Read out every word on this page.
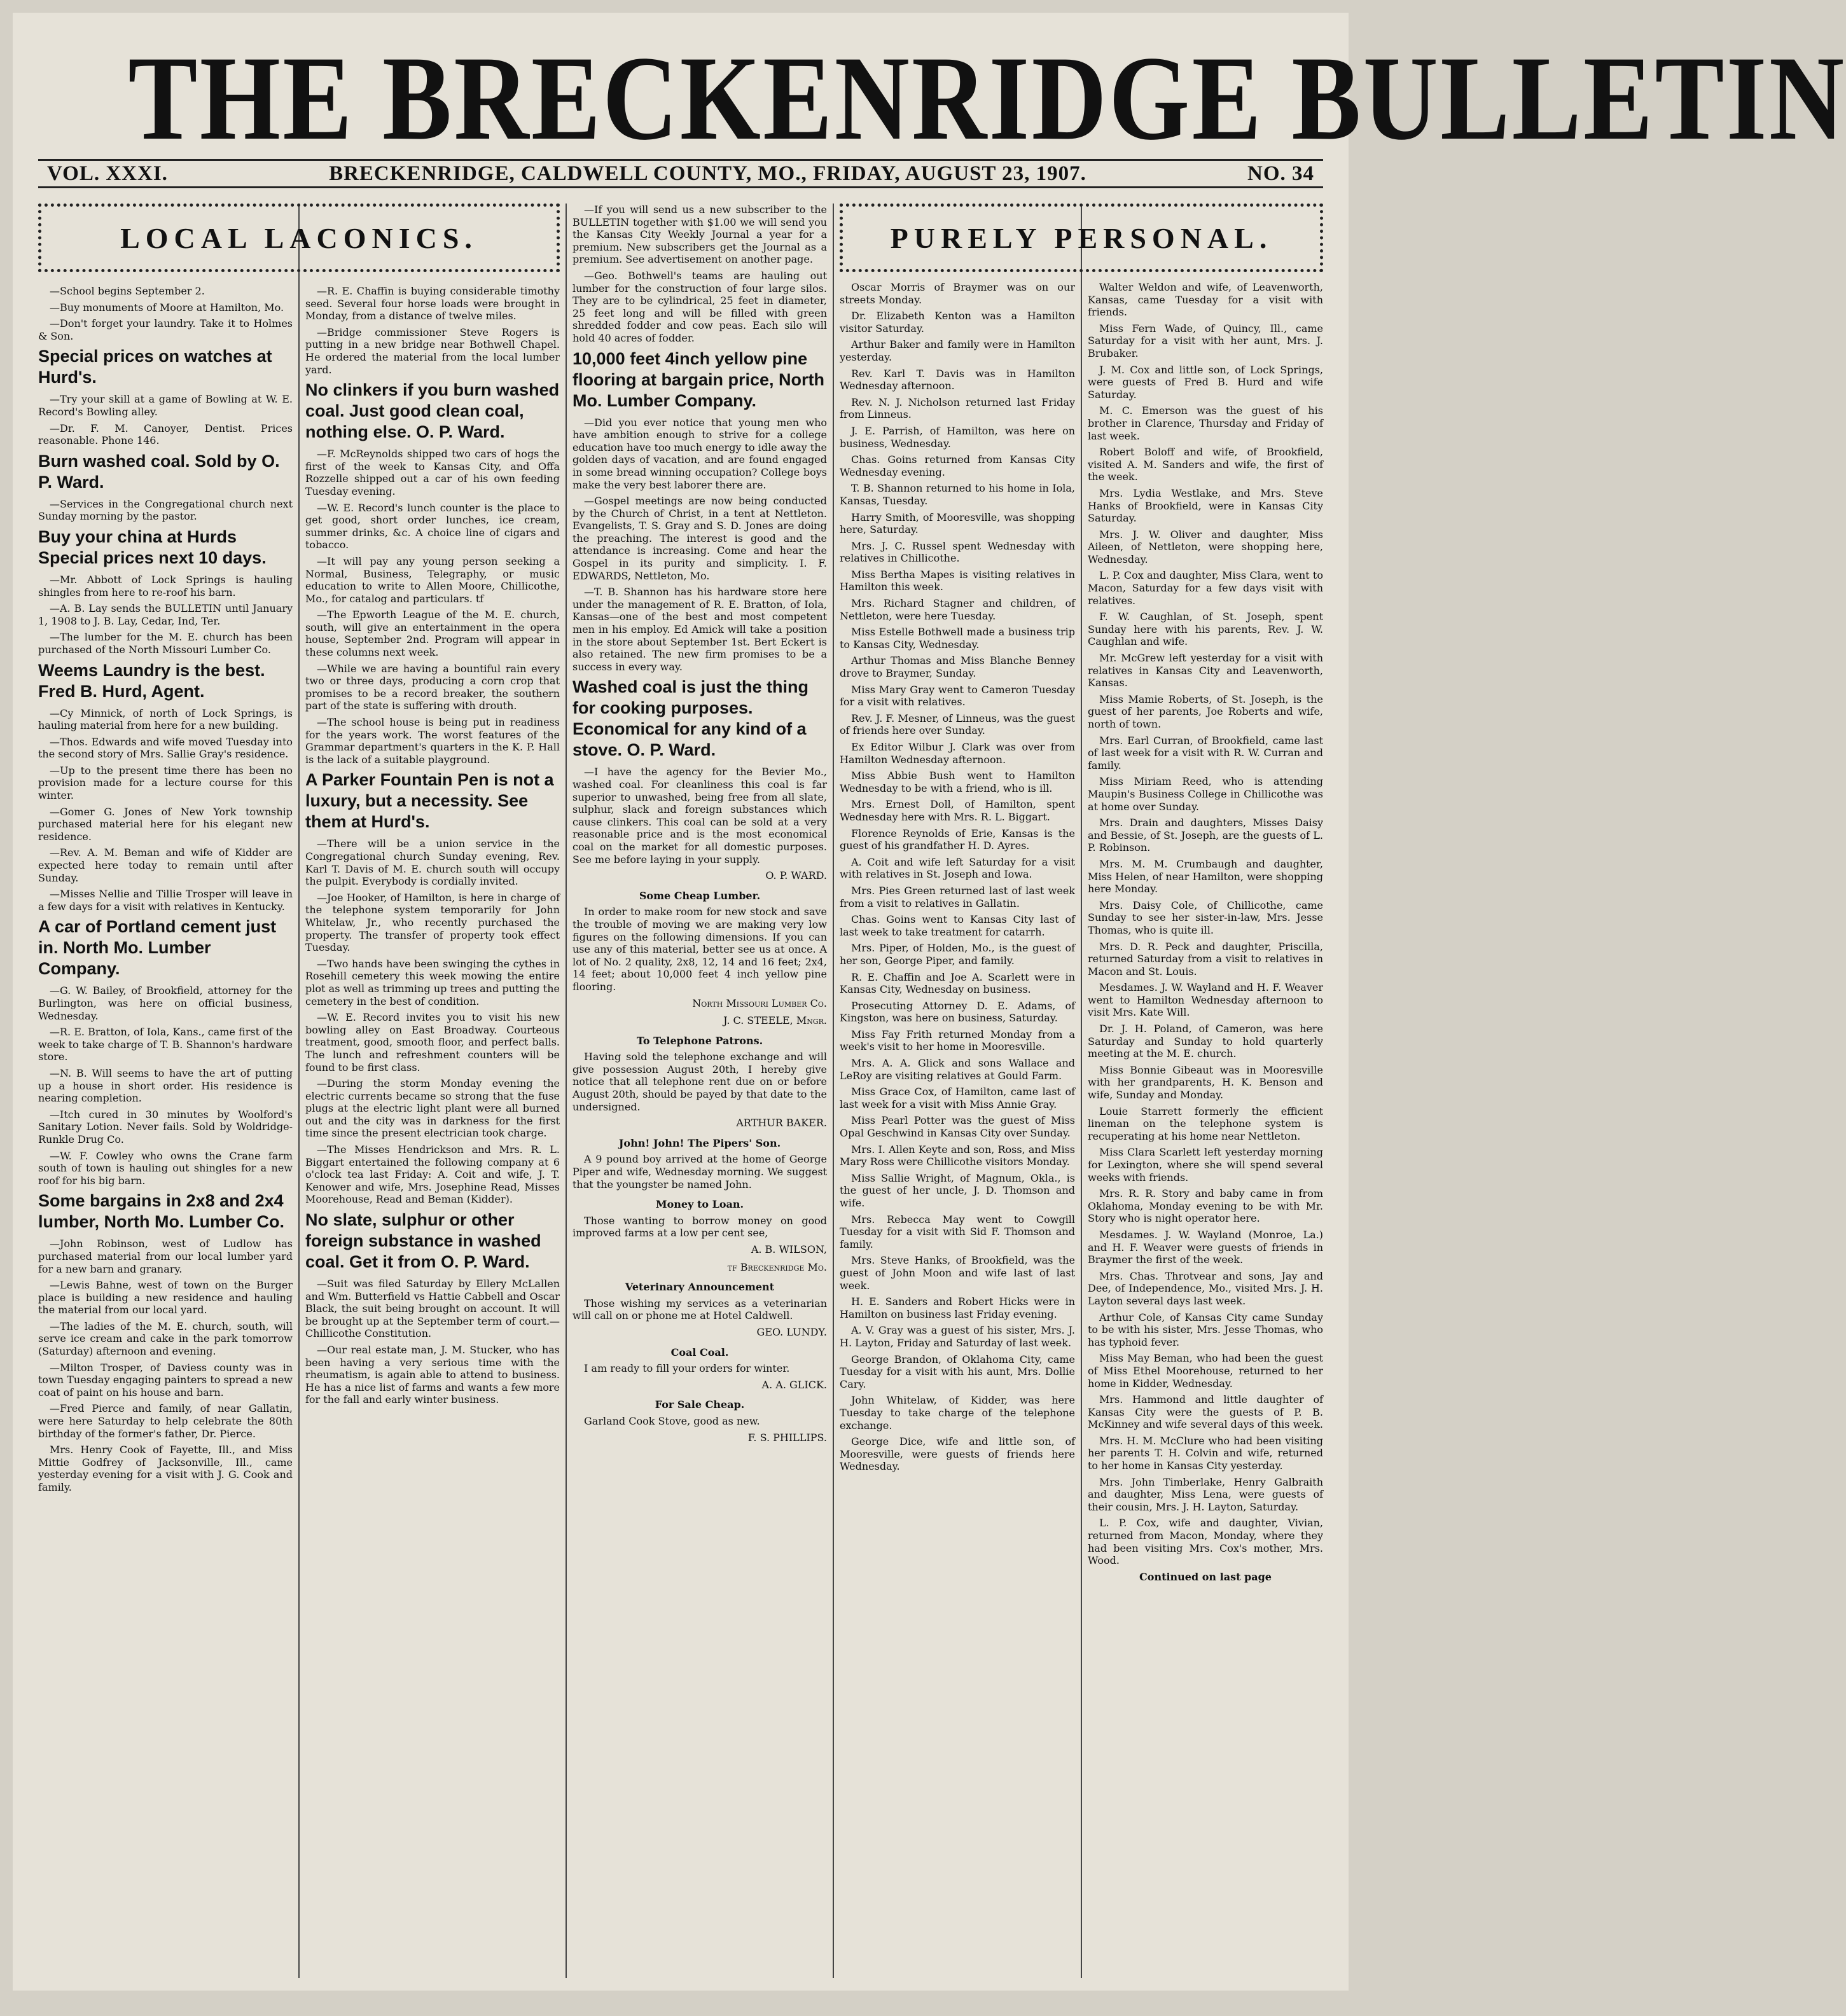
THE BRECKENRIDGE BULLETIN
VOL. XXXI.	BRECKENRIDGE, CALDWELL COUNTY, MO., FRIDAY, AUGUST 23, 1907.	NO. 34

—School begins September 2.

—Buy monuments of Moore at Hamilton, Mo.

—Don't forget your laundry. Take it to Holmes & Son.

Special prices on watches at Hurd's.

—Try your skill at a game of Bowling at W. E. Record's Bowling alley.

—Dr. F. M. Canoyer, Dentist. Prices reasonable. Phone 146.

Burn washed coal. Sold by O. P. Ward.

—Services in the Congregational church next Sunday morning by the pastor.

Buy your china at Hurds Special prices next 10 days.

—Mr. Abbott of Lock Springs is hauling shingles from here to re-roof his barn.

—A. B. Lay sends the BULLETIN until January 1, 1908 to J. B. Lay, Cedar, Ind, Ter.

—The lumber for the M. E. church has been purchased of the North Missouri Lumber Co.

Weems Laundry is the best. Fred B. Hurd, Agent.

—Cy Minnick, of north of Lock Springs, is hauling material from here for a new building.

—Thos. Edwards and wife moved Tuesday into the second story of Mrs. Sallie Gray's residence.

—Up to the present time there has been no provision made for a lecture course for this winter.

—Gomer G. Jones of New York township purchased material here for his elegant new residence.

—Rev. A. M. Beman and wife of Kidder are expected here today to remain until after Sunday.

—Misses Nellie and Tillie Trosper will leave in a few days for a visit with relatives in Kentucky.

A car of Portland cement just in. North Mo. Lumber Company.

—G. W. Bailey, of Brookfield, attorney for the Burlington, was here on official business, Wednesday.

—R. E. Bratton, of Iola, Kans., came first of the week to take charge of T. B. Shannon's hardware store.

—N. B. Will seems to have the art of putting up a house in short order. His residence is nearing completion.

—Itch cured in 30 minutes by Woolford's Sanitary Lotion. Never fails. Sold by Woldridge-Runkle Drug Co.

—W. F. Cowley who owns the Crane farm south of town is hauling out shingles for a new roof for his big barn.

Some bargains in 2x8 and 2x4 lumber, North Mo. Lumber Co.

—John Robinson, west of Ludlow has purchased material from our local lumber yard for a new barn and granary.

—Lewis Bahne, west of town on the Burger place is building a new residence and hauling the material from our local yard.

—The ladies of the M. E. church, south, will serve ice cream and cake in the park tomorrow (Saturday) afternoon and evening.

—Milton Trosper, of Daviess county was in town Tuesday engaging painters to spread a new coat of paint on his house and barn.

—Fred Pierce and family, of near Gallatin, were here Saturday to help celebrate the 80th birthday of the former's father, Dr. Pierce.

Mrs. Henry Cook of Fayette, Ill., and Miss Mittie Godfrey of Jacksonville, Ill., came yesterday evening for a visit with J. G. Cook and family.

—R. E. Chaffin is buying considerable timothy seed. Several four horse loads were brought in Monday, from a distance of twelve miles.

—Bridge commissioner Steve Rogers is putting in a new bridge near Bothwell Chapel. He ordered the material from the local lumber yard.

No clinkers if you burn washed coal. Just good clean coal, nothing else. O. P. Ward.

—F. McReynolds shipped two cars of hogs the first of the week to Kansas City, and Offa Rozzelle shipped out a car of his own feeding Tuesday evening.

—W. E. Record's lunch counter is the place to get good, short order lunches, ice cream, summer drinks, &c. A choice line of cigars and tobacco.

—It will pay any young person seeking a Normal, Business, Telegraphy, or music education to write to Allen Moore, Chillicothe, Mo., for catalog and particulars. tf

—The Epworth League of the M. E. church, south, will give an entertainment in the opera house, September 2nd. Program will appear in these columns next week.

—While we are having a bountiful rain every two or three days, producing a corn crop that promises to be a record breaker, the southern part of the state is suffering with drouth.

—The school house is being put in readiness for the years work. The worst features of the Grammar department's quarters in the K. P. Hall is the lack of a suitable playground.

A Parker Fountain Pen is not a luxury, but a necessity. See them at Hurd's.

—There will be a union service in the Congregational church Sunday evening, Rev. Karl T. Davis of M. E. church south will occupy the pulpit. Everybody is cordially invited.

—Joe Hooker, of Hamilton, is here in charge of the telephone system temporarily for John Whitelaw, Jr., who recently purchased the property. The transfer of property took effect Tuesday.

—Two hands have been swinging the cythes in Rosehill cemetery this week mowing the entire plot as well as trimming up trees and putting the cemetery in the best of condition.

—W. E. Record invites you to visit his new bowling alley on East Broadway. Courteous treatment, good, smooth floor, and perfect balls. The lunch and refreshment counters will be found to be first class.

—During the storm Monday evening the electric currents became so strong that the fuse plugs at the electric light plant were all burned out and the city was in darkness for the first time since the present electrician took charge.

—The Misses Hendrickson and Mrs. R. L. Biggart entertained the following company at 6 o'clock tea last Friday: A. Coit and wife, J. T. Kenower and wife, Mrs. Josephine Read, Misses Moorehouse, Read and Beman (Kidder).

No slate, sulphur or other foreign substance in washed coal. Get it from O. P. Ward.

—Suit was filed Saturday by Ellery McLallen and Wm. Butterfield vs Hattie Cabbell and Oscar Black, the suit being brought on account. It will be brought up at the September term of court.—Chillicothe Constitution.

—Our real estate man, J. M. Stucker, who has been having a very serious time with the rheumatism, is again able to attend to business. He has a nice list of farms and wants a few more for the fall and early winter business.

—If you will send us a new subscriber to the BULLETIN together with $1.00 we will send you the Kansas City Weekly Journal a year for a premium. New subscribers get the Journal as a premium. See advertisement on another page.

—Geo. Bothwell's teams are hauling out lumber for the construction of four large silos. They are to be cylindrical, 25 feet in diameter, 25 feet long and will be filled with green shredded fodder and cow peas. Each silo will hold 40 acres of fodder.

10,000 feet 4inch yellow pine flooring at bargain price, North Mo. Lumber Company.

—Did you ever notice that young men who have ambition enough to strive for a college education have too much energy to idle away the golden days of vacation, and are found engaged in some bread winning occupation? College boys make the very best laborer there are.

—Gospel meetings are now being conducted by the Church of Christ, in a tent at Nettleton. Evangelists, T. S. Gray and S. D. Jones are doing the preaching. The interest is good and the attendance is increasing. Come and hear the Gospel in its purity and simplicity. I. F. EDWARDS, Nettleton, Mo.

—T. B. Shannon has his hardware store here under the management of R. E. Bratton, of Iola, Kansas—one of the best and most competent men in his employ. Ed Amick will take a position in the store about September 1st. Bert Eckert is also retained. The new firm promises to be a success in every way.

Washed coal is just the thing for cooking purposes. Economical for any kind of a stove. O. P. Ward.

—I have the agency for the Bevier Mo., washed coal. For cleanliness this coal is far superior to unwashed, being free from all slate, sulphur, slack and foreign substances which cause clinkers. This coal can be sold at a very reasonable price and is the most economical coal on the market for all domestic purposes. See me before laying in your supply.

O. P. WARD.

Some Cheap Lumber.

In order to make room for new stock and save the trouble of moving we are making very low figures on the following dimensions. If you can use any of this material, better see us at once. A lot of No. 2 quality, 2x8, 12, 14 and 16 feet; 2x4, 14 feet; about 10,000 feet 4 inch yellow pine flooring.

North Missouri Lumber Co.

J. C. STEELE, Mngr.

To Telephone Patrons.

Having sold the telephone exchange and will give possession August 20th, I hereby give notice that all telephone rent due on or before August 20th, should be payed by that date to the undersigned.

ARTHUR BAKER.

John! John! The Pipers' Son.

A 9 pound boy arrived at the home of George Piper and wife, Wednesday morning. We suggest that the youngster be named John.

Money to Loan.

Those wanting to borrow money on good improved farms at a low per cent see,

A. B. WILSON,

tf Breckenridge Mo.

Veterinary Announcement

Those wishing my services as a veterinarian will call on or phone me at Hotel Caldwell.

GEO. LUNDY.

Coal Coal.

I am ready to fill your orders for winter.

A. A. GLICK.

For Sale Cheap.

Garland Cook Stove, good as new.

F. S. PHILLIPS.

Oscar Morris of Braymer was on our streets Monday.

Dr. Elizabeth Kenton was a Hamilton visitor Saturday.

Arthur Baker and family were in Hamilton yesterday.

Rev. Karl T. Davis was in Hamilton Wednesday afternoon.

Rev. N. J. Nicholson returned last Friday from Linneus.

J. E. Parrish, of Hamilton, was here on business, Wednesday.

Chas. Goins returned from Kansas City Wednesday evening.

T. B. Shannon returned to his home in Iola, Kansas, Tuesday.

Harry Smith, of Mooresville, was shopping here, Saturday.

Mrs. J. C. Russel spent Wednesday with relatives in Chillicothe.

Miss Bertha Mapes is visiting relatives in Hamilton this week.

Mrs. Richard Stagner and children, of Nettleton, were here Tuesday.

Miss Estelle Bothwell made a business trip to Kansas City, Wednesday.

Arthur Thomas and Miss Blanche Benney drove to Braymer, Sunday.

Miss Mary Gray went to Cameron Tuesday for a visit with relatives.

Rev. J. F. Mesner, of Linneus, was the guest of friends here over Sunday.

Ex Editor Wilbur J. Clark was over from Hamilton Wednesday afternoon.

Miss Abbie Bush went to Hamilton Wednesday to be with a friend, who is ill.

Mrs. Ernest Doll, of Hamilton, spent Wednesday here with Mrs. R. L. Biggart.

Florence Reynolds of Erie, Kansas is the guest of his grandfather H. D. Ayres.

A. Coit and wife left Saturday for a visit with relatives in St. Joseph and Iowa.

Mrs. Pies Green returned last of last week from a visit to relatives in Gallatin.

Chas. Goins went to Kansas City last of last week to take treatment for catarrh.

Mrs. Piper, of Holden, Mo., is the guest of her son, George Piper, and family.

R. E. Chaffin and Joe A. Scarlett were in Kansas City, Wednesday on business.

Prosecuting Attorney D. E. Adams, of Kingston, was here on business, Saturday.

Miss Fay Frith returned Monday from a week's visit to her home in Mooresville.

Mrs. A. A. Glick and sons Wallace and LeRoy are visiting relatives at Gould Farm.

Miss Grace Cox, of Hamilton, came last of last week for a visit with Miss Annie Gray.

Miss Pearl Potter was the guest of Miss Opal Geschwind in Kansas City over Sunday.

Mrs. I. Allen Keyte and son, Ross, and Miss Mary Ross were Chillicothe visitors Monday.

Miss Sallie Wright, of Magnum, Okla., is the guest of her uncle, J. D. Thomson and wife.

Mrs. Rebecca May went to Cowgill Tuesday for a visit with Sid F. Thomson and family.

Mrs. Steve Hanks, of Brookfield, was the guest of John Moon and wife last of last week.

H. E. Sanders and Robert Hicks were in Hamilton on business last Friday evening.

A. V. Gray was a guest of his sister, Mrs. J. H. Layton, Friday and Saturday of last week.

George Brandon, of Oklahoma City, came Tuesday for a visit with his aunt, Mrs. Dollie Cary.

John Whitelaw, of Kidder, was here Tuesday to take charge of the telephone exchange.

George Dice, wife and little son, of Mooresville, were guests of friends here Wednesday.

Walter Weldon and wife, of Leavenworth, Kansas, came Tuesday for a visit with friends.

Miss Fern Wade, of Quincy, Ill., came Saturday for a visit with her aunt, Mrs. J. Brubaker.

J. M. Cox and little son, of Lock Springs, were guests of Fred B. Hurd and wife Saturday.

M. C. Emerson was the guest of his brother in Clarence, Thursday and Friday of last week.

Robert Boloff and wife, of Brookfield, visited A. M. Sanders and wife, the first of the week.

Mrs. Lydia Westlake, and Mrs. Steve Hanks of Brookfield, were in Kansas City Saturday.

Mrs. J. W. Oliver and daughter, Miss Aileen, of Nettleton, were shopping here, Wednesday.

L. P. Cox and daughter, Miss Clara, went to Macon, Saturday for a few days visit with relatives.

F. W. Caughlan, of St. Joseph, spent Sunday here with his parents, Rev. J. W. Caughlan and wife.

Mr. McGrew left yesterday for a visit with relatives in Kansas City and Leavenworth, Kansas.

Miss Mamie Roberts, of St. Joseph, is the guest of her parents, Joe Roberts and wife, north of town.

Mrs. Earl Curran, of Brookfield, came last of last week for a visit with R. W. Curran and family.

Miss Miriam Reed, who is attending Maupin's Business College in Chillicothe was at home over Sunday.

Mrs. Drain and daughters, Misses Daisy and Bessie, of St. Joseph, are the guests of L. P. Robinson.

Mrs. M. M. Crumbaugh and daughter, Miss Helen, of near Hamilton, were shopping here Monday.

Mrs. Daisy Cole, of Chillicothe, came Sunday to see her sister-in-law, Mrs. Jesse Thomas, who is quite ill.

Mrs. D. R. Peck and daughter, Priscilla, returned Saturday from a visit to relatives in Macon and St. Louis.

Mesdames. J. W. Wayland and H. F. Weaver went to Hamilton Wednesday afternoon to visit Mrs. Kate Will.

Dr. J. H. Poland, of Cameron, was here Saturday and Sunday to hold quarterly meeting at the M. E. church.

Miss Bonnie Gibeaut was in Mooresville with her grandparents, H. K. Benson and wife, Sunday and Monday.

Louie Starrett formerly the efficient lineman on the telephone system is recuperating at his home near Nettleton.

Miss Clara Scarlett left yesterday morning for Lexington, where she will spend several weeks with friends.

Mrs. R. R. Story and baby came in from Oklahoma, Monday evening to be with Mr. Story who is night operator here.

Mesdames. J. W. Wayland (Monroe, La.) and H. F. Weaver were guests of friends in Braymer the first of the week.

Mrs. Chas. Throtvear and sons, Jay and Dee, of Independence, Mo., visited Mrs. J. H. Layton several days last week.

Arthur Cole, of Kansas City came Sunday to be with his sister, Mrs. Jesse Thomas, who has typhoid fever.

Miss May Beman, who had been the guest of Miss Ethel Moorehouse, returned to her home in Kidder, Wednesday.

Mrs. Hammond and little daughter of Kansas City were the guests of P. B. McKinney and wife several days of this week.

Mrs. H. M. McClure who had been visiting her parents T. H. Colvin and wife, returned to her home in Kansas City yesterday.

Mrs. John Timberlake, Henry Galbraith and daughter, Miss Lena, were guests of their cousin, Mrs. J. H. Layton, Saturday.

L. P. Cox, wife and daughter, Vivian, returned from Macon, Monday, where they had been visiting Mrs. Cox's mother, Mrs. Wood.

Continued on last page

LOCAL LACONICS.	PURELY PERSONAL.
